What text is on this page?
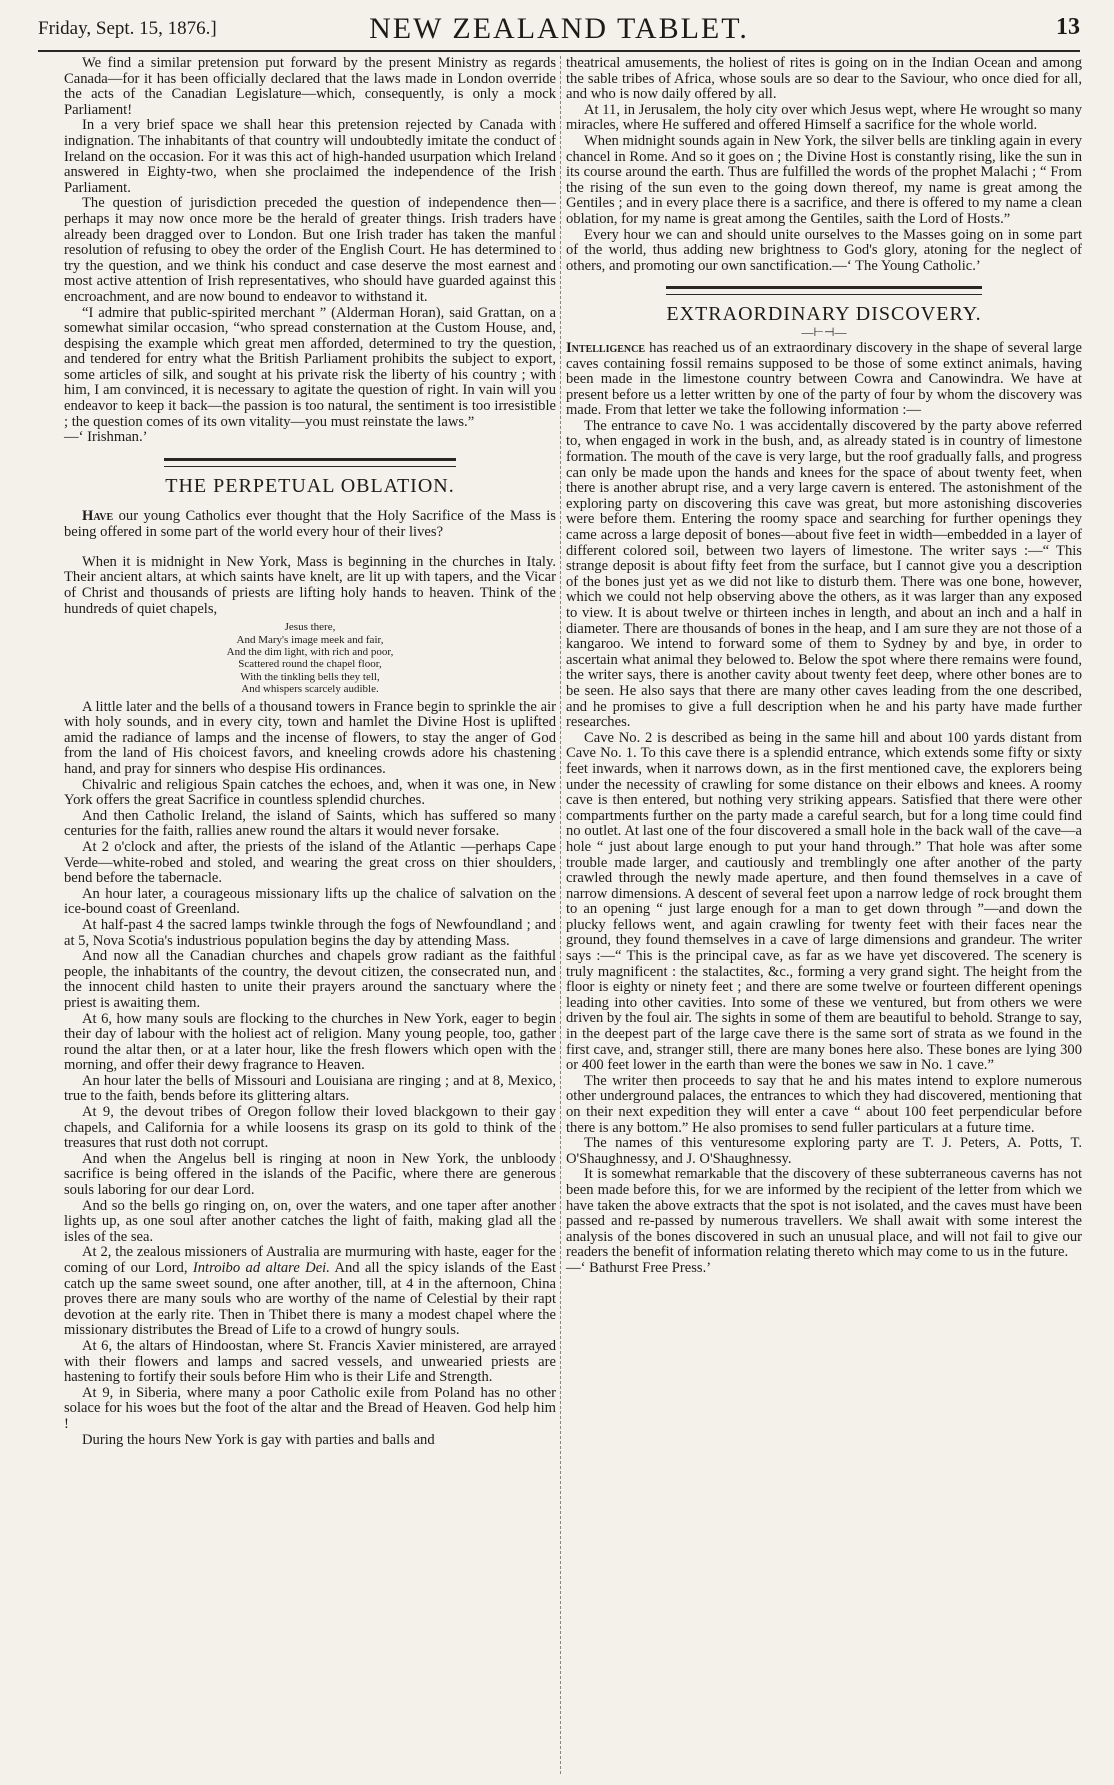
Friday, Sept. 15, 1876.]	NEW ZEALAND TABLET.	13

We find a similar pretension put forward by the present Ministry as regards Canada—for it has been officially declared that the laws made in London override the acts of the Canadian Legislature—which, consequently, is only a mock Parliament!

In a very brief space we shall hear this pretension rejected by Canada with indignation. The inhabitants of that country will undoubtedly imitate the conduct of Ireland on the occasion. For it was this act of high-handed usurpation which Ireland answered in Eighty-two, when she proclaimed the independence of the Irish Parliament.

The question of jurisdiction preceded the question of independence then—perhaps it may now once more be the herald of greater things. Irish traders have already been dragged over to London. But one Irish trader has taken the manful resolution of refusing to obey the order of the English Court. He has determined to try the question, and we think his conduct and case deserve the most earnest and most active attention of Irish representatives, who should have guarded against this encroachment, and are now bound to endeavor to withstand it.

“I admire that public-spirited merchant ” (Alderman Horan), said Grattan, on a somewhat similar occasion, “who spread consternation at the Custom House, and, despising the example which great men afforded, determined to try the question, and tendered for entry what the British Parliament prohibits the subject to export, some articles of silk, and sought at his private risk the liberty of his country ; with him, I am convinced, it is necessary to agitate the question of right. In vain will you endeavor to keep it back—the passion is too natural, the sentiment is too irresistible ; the question comes of its own vitality—you must reinstate the laws.”

—‘ Irishman.’

THE PERPETUAL OBLATION.

Have our young Catholics ever thought that the Holy Sacrifice of the Mass is being offered in some part of the world every hour of their lives?

When it is midnight in New York, Mass is beginning in the churches in Italy. Their ancient altars, at which saints have knelt, are lit up with tapers, and the Vicar of Christ and thousands of priests are lifting holy hands to heaven. Think of the hundreds of quiet chapels,

Jesus there,
And Mary's image meek and fair,
And the dim light, with rich and poor,
Scattered round the chapel floor,
With the tinkling bells they tell,
And whispers scarcely audible.

A little later and the bells of a thousand towers in France begin to sprinkle the air with holy sounds, and in every city, town and hamlet the Divine Host is uplifted amid the radiance of lamps and the incense of flowers, to stay the anger of God from the land of His choicest favors, and kneeling crowds adore his chastening hand, and pray for sinners who despise His ordinances.

Chivalric and religious Spain catches the echoes, and, when it was one, in New York offers the great Sacrifice in countless splendid churches.

And then Catholic Ireland, the island of Saints, which has suffered so many centuries for the faith, rallies anew round the altars it would never forsake.

At 2 o'clock and after, the priests of the island of the Atlantic —perhaps Cape Verde—white-robed and stoled, and wearing the great cross on thier shoulders, bend before the tabernacle.

An hour later, a courageous missionary lifts up the chalice of salvation on the ice-bound coast of Greenland.

At half-past 4 the sacred lamps twinkle through the fogs of Newfoundland ; and at 5, Nova Scotia's industrious population begins the day by attending Mass.

And now all the Canadian churches and chapels grow radiant as the faithful people, the inhabitants of the country, the devout citizen, the consecrated nun, and the innocent child hasten to unite their prayers around the sanctuary where the priest is awaiting them.

At 6, how many souls are flocking to the churches in New York, eager to begin their day of labour with the holiest act of religion. Many young people, too, gather round the altar then, or at a later hour, like the fresh flowers which open with the morning, and offer their dewy fragrance to Heaven.

An hour later the bells of Missouri and Louisiana are ringing ; and at 8, Mexico, true to the faith, bends before its glittering altars.

At 9, the devout tribes of Oregon follow their loved blackgown to their gay chapels, and California for a while loosens its grasp on its gold to think of the treasures that rust doth not corrupt.

And when the Angelus bell is ringing at noon in New York, the unbloody sacrifice is being offered in the islands of the Pacific, where there are generous souls laboring for our dear Lord.

And so the bells go ringing on, on, over the waters, and one taper after another lights up, as one soul after another catches the light of faith, making glad all the isles of the sea.

At 2, the zealous missioners of Australia are murmuring with haste, eager for the coming of our Lord, Introibo ad altare Dei. And all the spicy islands of the East catch up the same sweet sound, one after another, till, at 4 in the afternoon, China proves there are many souls who are worthy of the name of Celestial by their rapt devotion at the early rite. Then in Thibet there is many a modest chapel where the missionary distributes the Bread of Life to a crowd of hungry souls.

At 6, the altars of Hindoostan, where St. Francis Xavier ministered, are arrayed with their flowers and lamps and sacred vessels, and unwearied priests are hastening to fortify their souls before Him who is their Life and Strength.

At 9, in Siberia, where many a poor Catholic exile from Poland has no other solace for his woes but the foot of the altar and the Bread of Heaven. God help him !

During the hours New York is gay with parties and balls and

theatrical amusements, the holiest of rites is going on in the Indian Ocean and among the sable tribes of Africa, whose souls are so dear to the Saviour, who once died for all, and who is now daily offered by all.

At 11, in Jerusalem, the holy city over which Jesus wept, where He wrought so many miracles, where He suffered and offered Himself a sacrifice for the whole world.

When midnight sounds again in New York, the silver bells are tinkling again in every chancel in Rome. And so it goes on ; the Divine Host is constantly rising, like the sun in its course around the earth. Thus are fulfilled the words of the prophet Malachi ; “ From the rising of the sun even to the going down thereof, my name is great among the Gentiles ; and in every place there is a sacrifice, and there is offered to my name a clean oblation, for my name is great among the Gentiles, saith the Lord of Hosts.”

Every hour we can and should unite ourselves to the Masses going on in some part of the world, thus adding new brightness to God's glory, atoning for the neglect of others, and promoting our own sanctification.—‘ The Young Catholic.’

EXTRAORDINARY DISCOVERY.
—⊢⊣—

Intelligence has reached us of an extraordinary discovery in the shape of several large caves containing fossil remains supposed to be those of some extinct animals, having been made in the limestone country between Cowra and Canowindra. We have at present before us a letter written by one of the party of four by whom the discovery was made. From that letter we take the following information :—

The entrance to cave No. 1 was accidentally discovered by the party above referred to, when engaged in work in the bush, and, as already stated is in country of limestone formation. The mouth of the cave is very large, but the roof gradually falls, and progress can only be made upon the hands and knees for the space of about twenty feet, when there is another abrupt rise, and a very large cavern is entered. The astonishment of the exploring party on discovering this cave was great, but more astonishing discoveries were before them. Entering the roomy space and searching for further openings they came across a large deposit of bones—about five feet in width—embedded in a layer of different colored soil, between two layers of limestone. The writer says :—“ This strange deposit is about fifty feet from the surface, but I cannot give you a description of the bones just yet as we did not like to disturb them. There was one bone, however, which we could not help observing above the others, as it was larger than any exposed to view. It is about twelve or thirteen inches in length, and about an inch and a half in diameter. There are thousands of bones in the heap, and I am sure they are not those of a kangaroo. We intend to forward some of them to Sydney by and bye, in order to ascertain what animal they belowed to. Below the spot where there remains were found, the writer says, there is another cavity about twenty feet deep, where other bones are to be seen. He also says that there are many other caves leading from the one described, and he promises to give a full description when he and his party have made further researches.

Cave No. 2 is described as being in the same hill and about 100 yards distant from Cave No. 1. To this cave there is a splendid entrance, which extends some fifty or sixty feet inwards, when it narrows down, as in the first mentioned cave, the explorers being under the necessity of crawling for some distance on their elbows and knees. A roomy cave is then entered, but nothing very striking appears. Satisfied that there were other compartments further on the party made a careful search, but for a long time could find no outlet. At last one of the four discovered a small hole in the back wall of the cave—a hole “ just about large enough to put your hand through.” That hole was after some trouble made larger, and cautiously and tremblingly one after another of the party crawled through the newly made aperture, and then found themselves in a cave of narrow dimensions. A descent of several feet upon a narrow ledge of rock brought them to an opening “ just large enough for a man to get down through ”—and down the plucky fellows went, and again crawling for twenty feet with their faces near the ground, they found themselves in a cave of large dimensions and grandeur. The writer says :—“ This is the principal cave, as far as we have yet discovered. The scenery is truly magnificent : the stalactites, &c., forming a very grand sight. The height from the floor is eighty or ninety feet ; and there are some twelve or fourteen different openings leading into other cavities. Into some of these we ventured, but from others we were driven by the foul air. The sights in some of them are beautiful to behold. Strange to say, in the deepest part of the large cave there is the same sort of strata as we found in the first cave, and, stranger still, there are many bones here also. These bones are lying 300 or 400 feet lower in the earth than were the bones we saw in No. 1 cave.”

The writer then proceeds to say that he and his mates intend to explore numerous other underground palaces, the entrances to which they had discovered, mentioning that on their next expedition they will enter a cave “ about 100 feet perpendicular before there is any bottom.” He also promises to send fuller particulars at a future time.

The names of this venturesome exploring party are T. J. Peters, A. Potts, T. O'Shaughnessy, and J. O'Shaughnessy.

It is somewhat remarkable that the discovery of these subterraneous caverns has not been made before this, for we are informed by the recipient of the letter from which we have taken the above extracts that the spot is not isolated, and the caves must have been passed and re-passed by numerous travellers. We shall await with some interest the analysis of the bones discovered in such an unusual place, and will not fail to give our readers the benefit of information relating thereto which may come to us in the future.

—‘ Bathurst Free Press.’
